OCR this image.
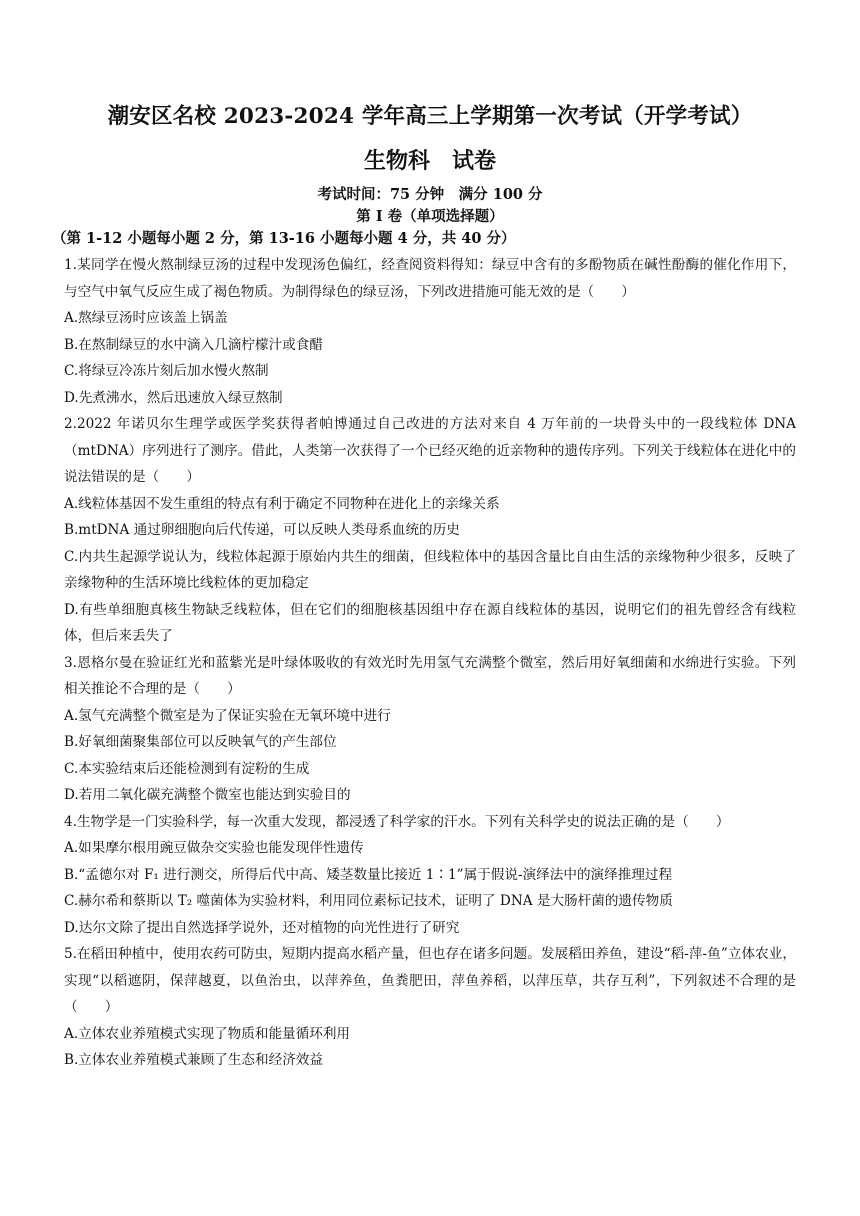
潮安区名校 2023-2024 学年高三上学期第一次考试（开学考试）
生物科　试卷
考试时间：75 分钟　满分 100 分
第 I 卷（单项选择题）
（第 1-12 小题每小题 2 分，第 13-16 小题每小题 4 分，共 40 分）
1.某同学在慢火熬制绿豆汤的过程中发现汤色偏红，经查阅资料得知：绿豆中含有的多酚物质在碱性酚酶的催化作用下，与空气中氧气反应生成了褐色物质。为制得绿色的绿豆汤，下列改进措施可能无效的是（　　）
A.熬绿豆汤时应该盖上锅盖
B.在熬制绿豆的水中滴入几滴柠檬汁或食醋
C.将绿豆冷冻片刻后加水慢火熬制
D.先煮沸水，然后迅速放入绿豆熬制
2.2022 年诺贝尔生理学或医学奖获得者帕博通过自己改进的方法对来自 4 万年前的一块骨头中的一段线粒体 DNA（mtDNA）序列进行了测序。借此，人类第一次获得了一个已经灭绝的近亲物种的遗传序列。下列关于线粒体在进化中的说法错误的是（　　）
A.线粒体基因不发生重组的特点有利于确定不同物种在进化上的亲缘关系
B.mtDNA 通过卵细胞向后代传递，可以反映人类母系血统的历史
C.内共生起源学说认为，线粒体起源于原始内共生的细菌，但线粒体中的基因含量比自由生活的亲缘物种少很多，反映了亲缘物种的生活环境比线粒体的更加稳定
D.有些单细胞真核生物缺乏线粒体，但在它们的细胞核基因组中存在源自线粒体的基因，说明它们的祖先曾经含有线粒体，但后来丢失了
3.恩格尔曼在验证红光和蓝紫光是叶绿体吸收的有效光时先用氢气充满整个微室，然后用好氧细菌和水绵进行实验。下列相关推论不合理的是（　　）
A.氢气充满整个微室是为了保证实验在无氧环境中进行
B.好氧细菌聚集部位可以反映氧气的产生部位
C.本实验结束后还能检测到有淀粉的生成
D.若用二氧化碳充满整个微室也能达到实验目的
4.生物学是一门实验科学，每一次重大发现，都浸透了科学家的汗水。下列有关科学史的说法正确的是（　　）
A.如果摩尔根用豌豆做杂交实验也能发现伴性遗传
B.“孟德尔对 F₁ 进行测交，所得后代中高、矮茎数量比接近 1∶1”属于假说-演绎法中的演绎推理过程
C.赫尔希和蔡斯以 T₂ 噬菌体为实验材料，利用同位素标记技术，证明了 DNA 是大肠杆菌的遗传物质
D.达尔文除了提出自然选择学说外，还对植物的向光性进行了研究
5.在稻田种植中，使用农药可防虫，短期内提高水稻产量，但也存在诸多问题。发展稻田养鱼，建设“稻-萍-鱼”立体农业，实现“以稻遮阴，保萍越夏，以鱼治虫，以萍养鱼，鱼粪肥田，萍鱼养稻，以萍压草，共存互利”，下列叙述不合理的是（　　）
A.立体农业养殖模式实现了物质和能量循环利用
B.立体农业养殖模式兼顾了生态和经济效益
